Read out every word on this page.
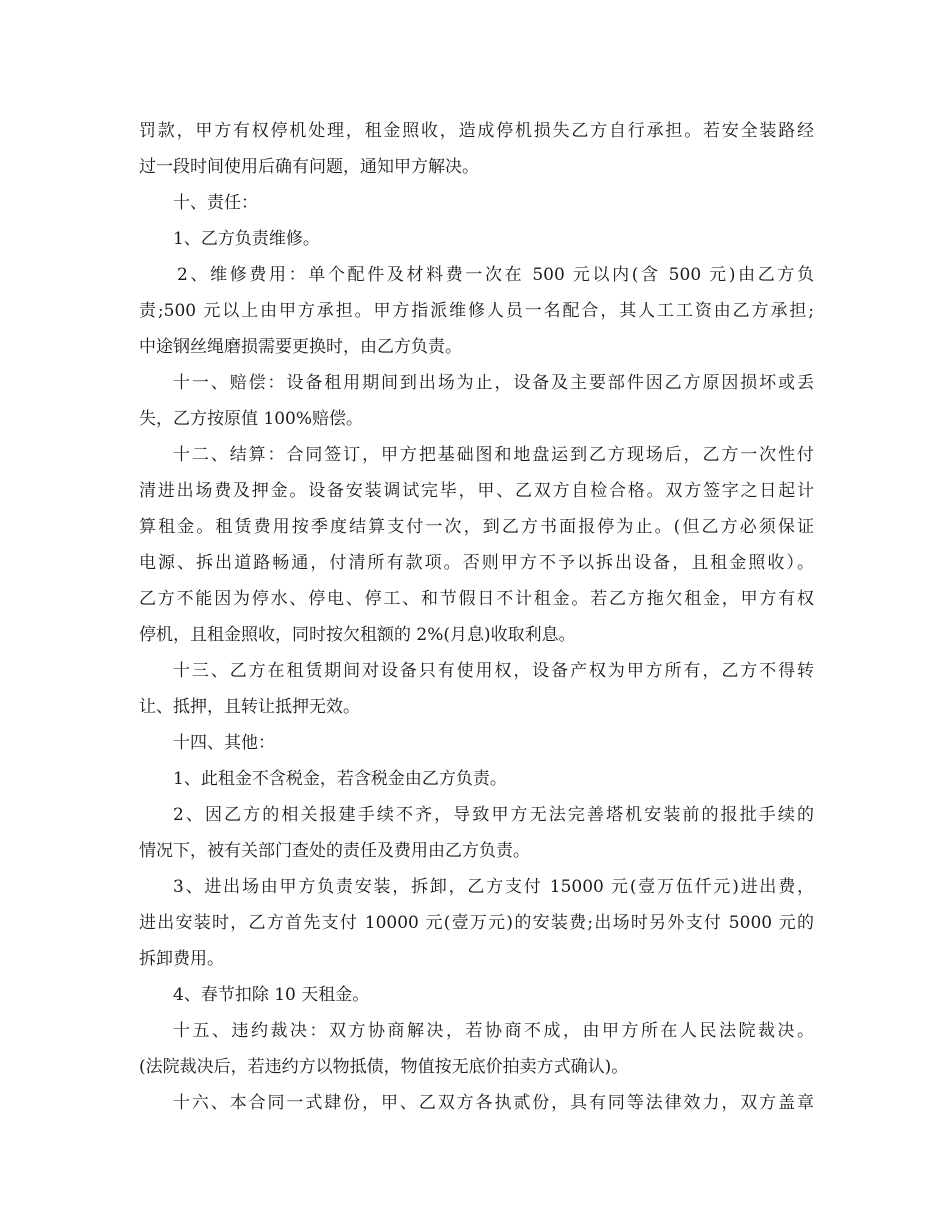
罚款，甲方有权停机处理，租金照收，造成停机损失乙方自行承担。若安全装路经
过一段时间使用后确有问题，通知甲方解决。
十、责任：
1、乙方负责维修。
2、维修费用：单个配件及材料费一次在 500 元以内(含 500 元)由乙方负
责;500 元以上由甲方承担。甲方指派维修人员一名配合，其人工工资由乙方承担;
中途钢丝绳磨损需要更换时，由乙方负责。
十一、赔偿：设备租用期间到出场为止，设备及主要部件因乙方原因损坏或丢
失，乙方按原值 100%赔偿。
十二、结算：合同签订，甲方把基础图和地盘运到乙方现场后，乙方一次性付
清进出场费及押金。设备安装调试完毕，甲、乙双方自检合格。双方签字之日起计
算租金。租赁费用按季度结算支付一次，到乙方书面报停为止。(但乙方必须保证
电源、拆出道路畅通，付清所有款项。否则甲方不予以拆出设备，且租金照收）。
乙方不能因为停水、停电、停工、和节假日不计租金。若乙方拖欠租金，甲方有权
停机，且租金照收，同时按欠租额的 2%(月息)收取利息。
十三、乙方在租赁期间对设备只有使用权，设备产权为甲方所有，乙方不得转
让、抵押，且转让抵押无效。
十四、其他：
1、此租金不含税金，若含税金由乙方负责。
2、因乙方的相关报建手续不齐，导致甲方无法完善塔机安装前的报批手续的
情况下，被有关部门查处的责任及费用由乙方负责。
3、进出场由甲方负责安装，拆卸，乙方支付 15000 元(壹万伍仟元)进出费，
进出安装时，乙方首先支付 10000 元(壹万元)的安装费;出场时另外支付 5000 元的
拆卸费用。
4、春节扣除 10 天租金。
十五、违约裁决：双方协商解决，若协商不成，由甲方所在人民法院裁决。
(法院裁决后，若违约方以物抵债，物值按无底价拍卖方式确认)。
十六、本合同一式肆份，甲、乙双方各执贰份，具有同等法律效力，双方盖章
